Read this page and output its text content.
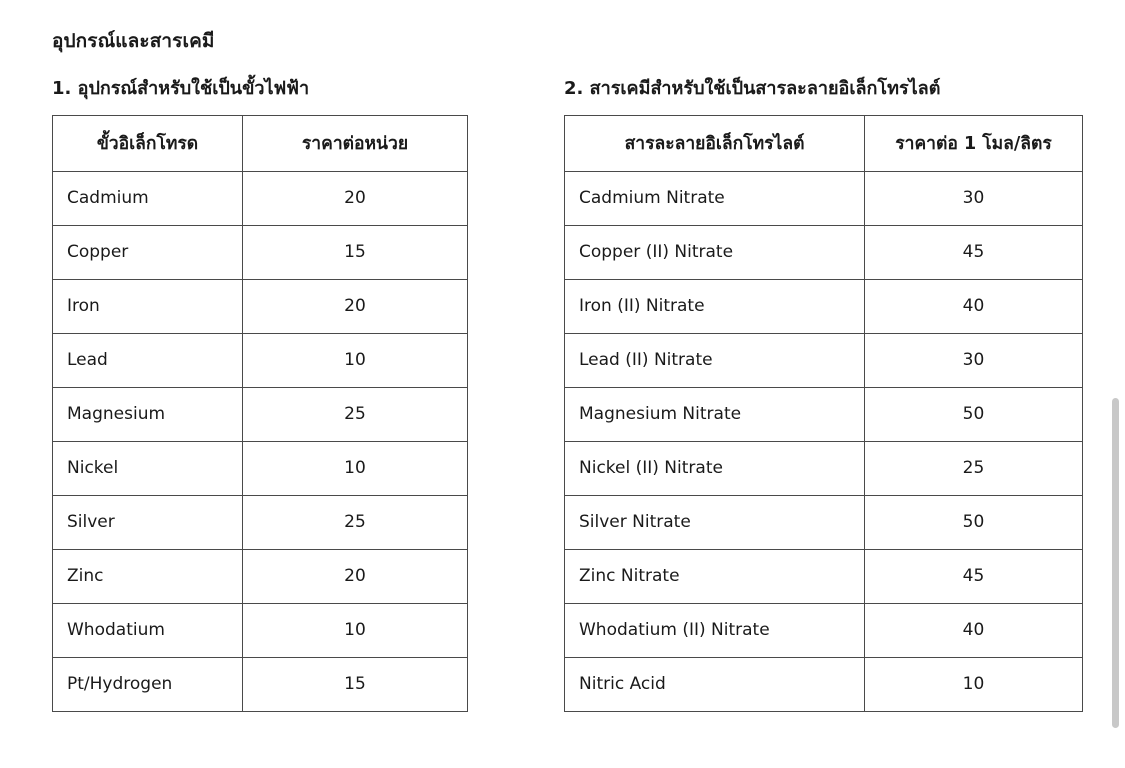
อุปกรณ์และสารเคมี
1. อุปกรณ์สำหรับใช้เป็นขั้วไฟฟ้า
ขั้วอิเล็กโทรด	ราคาต่อหน่วย
Cadmium	20
Copper	15
Iron	20
Lead	10
Magnesium	25
Nickel	10
Silver	25
Zinc	20
Whodatium	10
Pt/Hydrogen	15
2. สารเคมีสำหรับใช้เป็นสารละลายอิเล็กโทรไลต์
สารละลายอิเล็กโทรไลต์	ราคาต่อ 1 โมล/ลิตร
Cadmium Nitrate	30
Copper (II) Nitrate	45
Iron (II) Nitrate	40
Lead (II) Nitrate	30
Magnesium Nitrate	50
Nickel (II) Nitrate	25
Silver Nitrate	50
Zinc Nitrate	45
Whodatium (II) Nitrate	40
Nitric Acid	10
